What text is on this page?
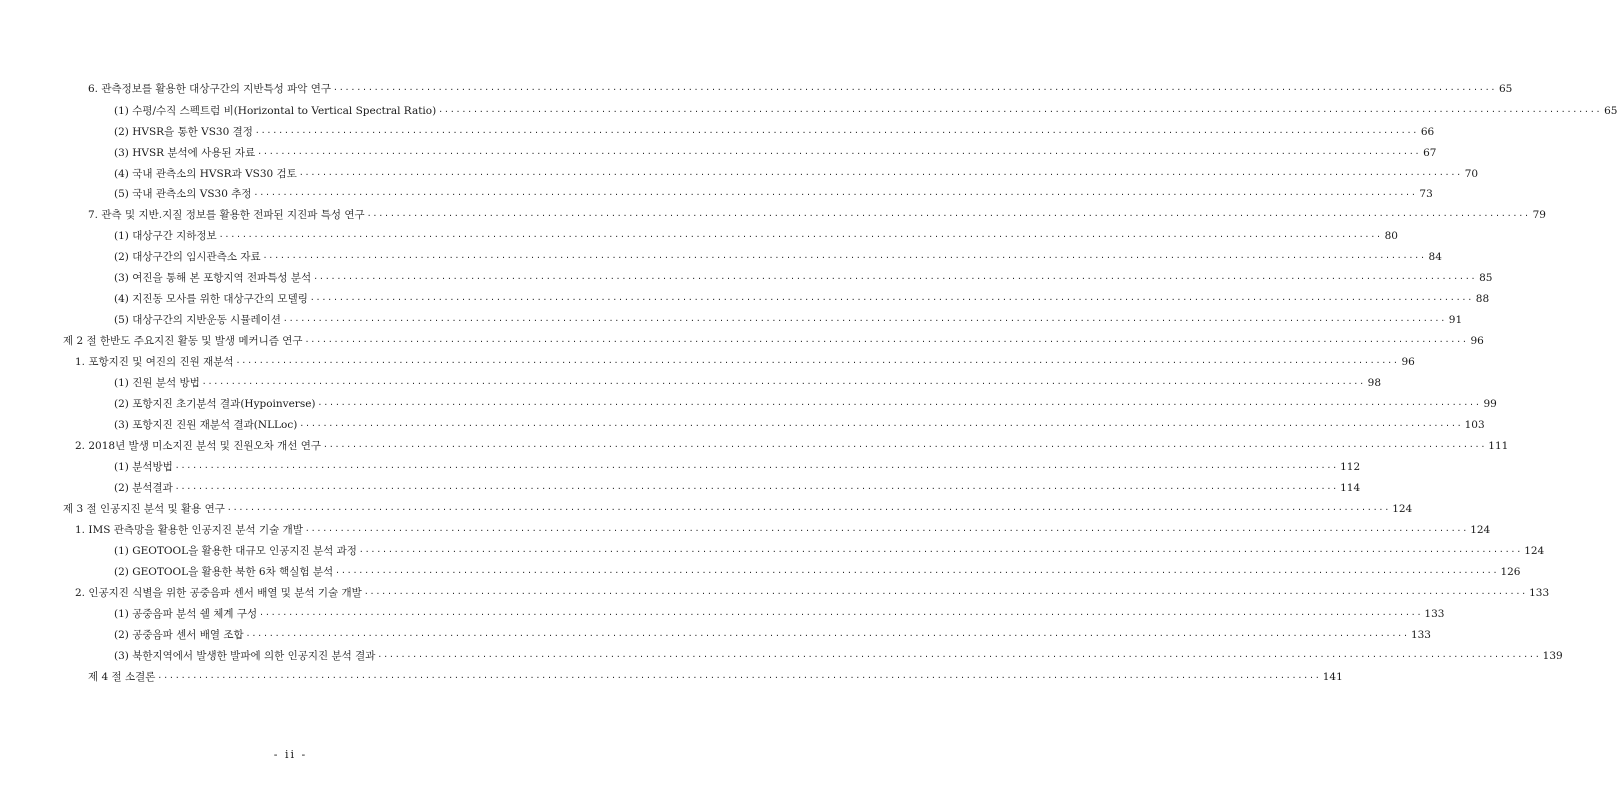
6. 관측정보를 활용한 대상구간의 지반특성 파악 연구 ········································································································································································································ 65
(1) 수평/수직 스펙트럼 비(Horizontal to Vertical Spectral Ratio) ········································································································································································································ 65
(2) HVSR을 통한 VS30 결정 ········································································································································································································ 66
(3) HVSR 분석에 사용된 자료 ········································································································································································································ 67
(4) 국내 관측소의 HVSR과 VS30 검토 ········································································································································································································ 70
(5) 국내 관측소의 VS30 추정 ········································································································································································································ 73
7. 관측 및 지반.지질 정보를 활용한 전파된 지진파 특성 연구 ········································································································································································································ 79
(1) 대상구간 지하정보 ········································································································································································································ 80
(2) 대상구간의 임시관측소 자료 ········································································································································································································ 84
(3) 여진을 통해 본 포항지역 전파특성 분석 ········································································································································································································ 85
(4) 지진동 모사를 위한 대상구간의 모델링 ········································································································································································································ 88
(5) 대상구간의 지반운동 시뮬레이션 ········································································································································································································ 91
제 2 절 한반도 주요지진 활동 및 발생 메커니즘 연구 ········································································································································································································ 96
1. 포항지진 및 여진의 진원 재분석 ········································································································································································································ 96
(1) 진원 분석 방법 ········································································································································································································ 98
(2) 포항지진 초기분석 결과(Hypoinverse) ········································································································································································································ 99
(3) 포항지진 진원 재분석 결과(NLLoc) ········································································································································································································ 103
2. 2018년 발생 미소지진 분석 및 진원오차 개선 연구 ········································································································································································································ 111
(1) 분석방법 ········································································································································································································ 112
(2) 분석결과 ········································································································································································································ 114
제 3 절 인공지진 분석 및 활용 연구 ········································································································································································································ 124
1. IMS 관측망을 활용한 인공지진 분석 기술 개발 ········································································································································································································ 124
(1) GEOTOOL을 활용한 대규모 인공지진 분석 과정 ········································································································································································································ 124
(2) GEOTOOL을 활용한 북한 6차 핵실험 분석 ········································································································································································································ 126
2. 인공지진 식별을 위한 공중음파 센서 배열 및 분석 기술 개발 ········································································································································································································ 133
(1) 공중음파 분석 쉘 체계 구성 ········································································································································································································ 133
(2) 공중음파 센서 배열 조합 ········································································································································································································ 133
(3) 북한지역에서 발생한 발파에 의한 인공지진 분석 결과 ········································································································································································································ 139
제 4 절 소결론 ········································································································································································································ 141
- ii -
